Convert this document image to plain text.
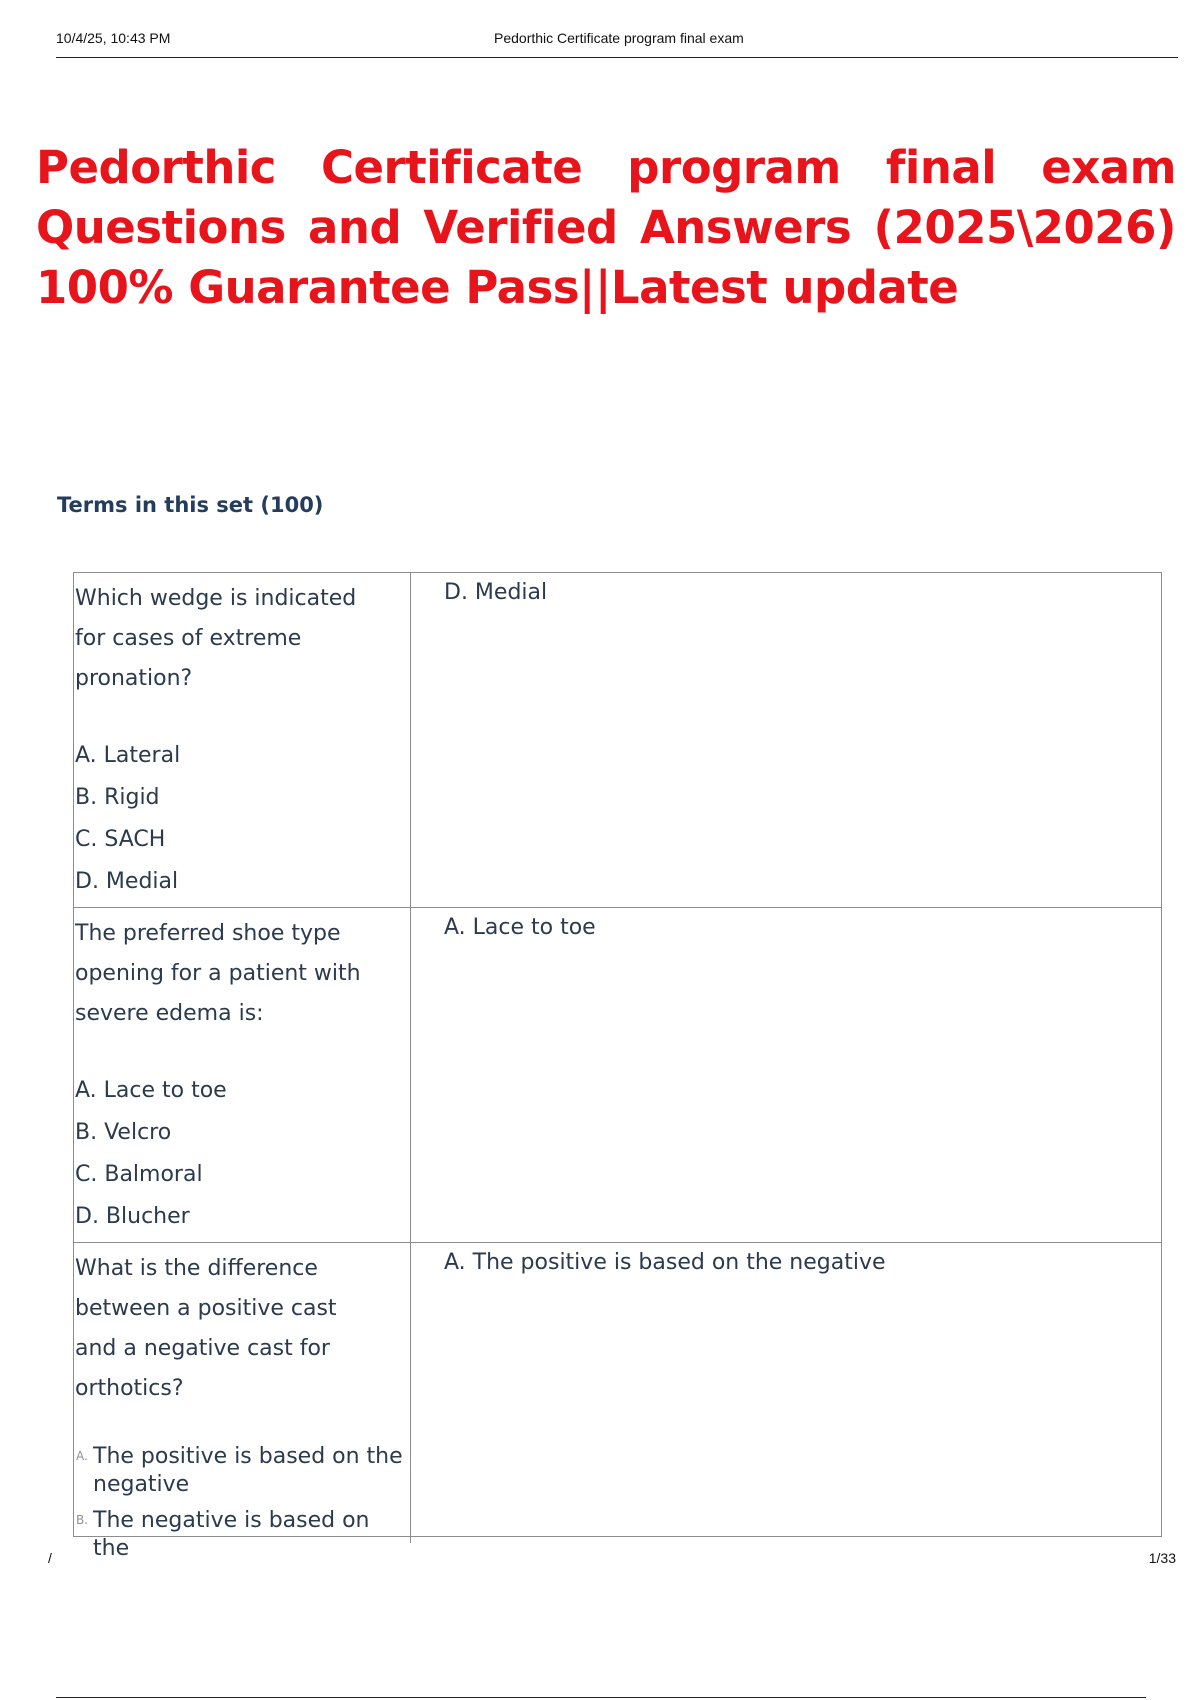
10/4/25, 10:43 PM	Pedorthic Certificate program final exam
Pedorthic Certificate program final exam Questions and Verified Answers (2025\2026) 100% Guarantee Pass||Latest update
Terms in this set (100)
Which wedge is indicated for cases of extreme pronation?
A. Lateral
B. Rigid
C. SACH
D. Medial
D. Medial
The preferred shoe type opening for a patient with severe edema is:
A. Lace to toe
B. Velcro
C. Balmoral
D. Blucher
A. Lace to toe
What is the difference between a positive cast and a negative cast for orthotics?
A. The positive is based on the negative
B. The negative is based on the
A. The positive is based on the negative
/	1/33
